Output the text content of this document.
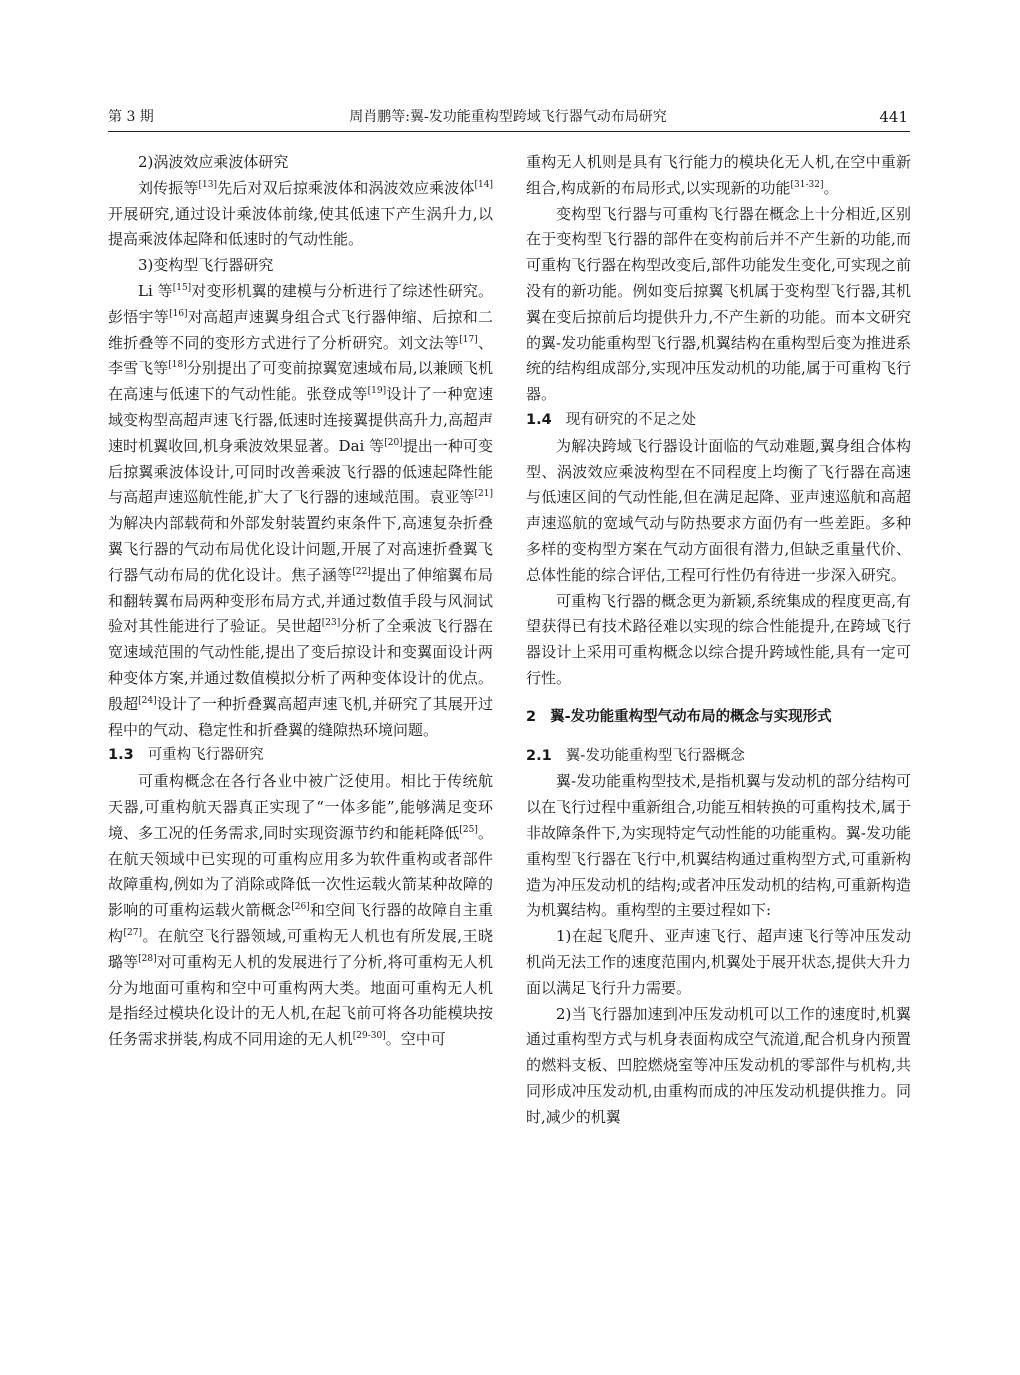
第 3 期	周肖鹏等:翼-发功能重构型跨域飞行器气动布局研究	441

2)涡波效应乘波体研究

刘传振等[13]先后对双后掠乘波体和涡波效应乘波体[14]开展研究,通过设计乘波体前缘,使其低速下产生涡升力,以提高乘波体起降和低速时的气动性能。

3)变构型飞行器研究

Li 等[15]对变形机翼的建模与分析进行了综述性研究。彭悟宇等[16]对高超声速翼身组合式飞行器伸缩、后掠和二维折叠等不同的变形方式进行了分析研究。刘文法等[17]、李雪飞等[18]分别提出了可变前掠翼宽速域布局,以兼顾飞机在高速与低速下的气动性能。张登成等[19]设计了一种宽速域变构型高超声速飞行器,低速时连接翼提供高升力,高超声速时机翼收回,机身乘波效果显著。Dai 等[20]提出一种可变后掠翼乘波体设计,可同时改善乘波飞行器的低速起降性能与高超声速巡航性能,扩大了飞行器的速域范围。袁亚等[21]为解决内部载荷和外部发射装置约束条件下,高速复杂折叠翼飞行器的气动布局优化设计问题,开展了对高速折叠翼飞行器气动布局的优化设计。焦子涵等[22]提出了伸缩翼布局和翻转翼布局两种变形布局方式,并通过数值手段与风洞试验对其性能进行了验证。吴世超[23]分析了全乘波飞行器在宽速域范围的气动性能,提出了变后掠设计和变翼面设计两种变体方案,并通过数值模拟分析了两种变体设计的优点。殷超[24]设计了一种折叠翼高超声速飞机,并研究了其展开过程中的气动、稳定性和折叠翼的缝隙热环境问题。

1.3 可重构飞行器研究

可重构概念在各行各业中被广泛使用。相比于传统航天器,可重构航天器真正实现了“一体多能”,能够满足变环境、多工况的任务需求,同时实现资源节约和能耗降低[25]。在航天领域中已实现的可重构应用多为软件重构或者部件故障重构,例如为了消除或降低一次性运载火箭某种故障的影响的可重构运载火箭概念[26]和空间飞行器的故障自主重构[27]。在航空飞行器领域,可重构无人机也有所发展,王晓璐等[28]对可重构无人机的发展进行了分析,将可重构无人机分为地面可重构和空中可重构两大类。地面可重构无人机是指经过模块化设计的无人机,在起飞前可将各功能模块按任务需求拼装,构成不同用途的无人机[29-30]。空中可

重构无人机则是具有飞行能力的模块化无人机,在空中重新组合,构成新的布局形式,以实现新的功能[31-32]。

变构型飞行器与可重构飞行器在概念上十分相近,区别在于变构型飞行器的部件在变构前后并不产生新的功能,而可重构飞行器在构型改变后,部件功能发生变化,可实现之前没有的新功能。例如变后掠翼飞机属于变构型飞行器,其机翼在变后掠前后均提供升力,不产生新的功能。而本文研究的翼-发功能重构型飞行器,机翼结构在重构型后变为推进系统的结构组成部分,实现冲压发动机的功能,属于可重构飞行器。

1.4 现有研究的不足之处

为解决跨域飞行器设计面临的气动难题,翼身组合体构型、涡波效应乘波构型在不同程度上均衡了飞行器在高速与低速区间的气动性能,但在满足起降、亚声速巡航和高超声速巡航的宽域气动与防热要求方面仍有一些差距。多种多样的变构型方案在气动方面很有潜力,但缺乏重量代价、总体性能的综合评估,工程可行性仍有待进一步深入研究。

可重构飞行器的概念更为新颖,系统集成的程度更高,有望获得已有技术路径难以实现的综合性能提升,在跨域飞行器设计上采用可重构概念以综合提升跨域性能,具有一定可行性。

2 翼-发功能重构型气动布局的概念与实现形式

2.1 翼-发功能重构型飞行器概念

翼-发功能重构型技术,是指机翼与发动机的部分结构可以在飞行过程中重新组合,功能互相转换的可重构技术,属于非故障条件下,为实现特定气动性能的功能重构。翼-发功能重构型飞行器在飞行中,机翼结构通过重构型方式,可重新构造为冲压发动机的结构;或者冲压发动机的结构,可重新构造为机翼结构。重构型的主要过程如下:

1)在起飞爬升、亚声速飞行、超声速飞行等冲压发动机尚无法工作的速度范围内,机翼处于展开状态,提供大升力面以满足飞行升力需要。

2)当飞行器加速到冲压发动机可以工作的速度时,机翼通过重构型方式与机身表面构成空气流道,配合机身内预置的燃料支板、凹腔燃烧室等冲压发动机的零部件与机构,共同形成冲压发动机,由重构而成的冲压发动机提供推力。同时,减少的机翼
